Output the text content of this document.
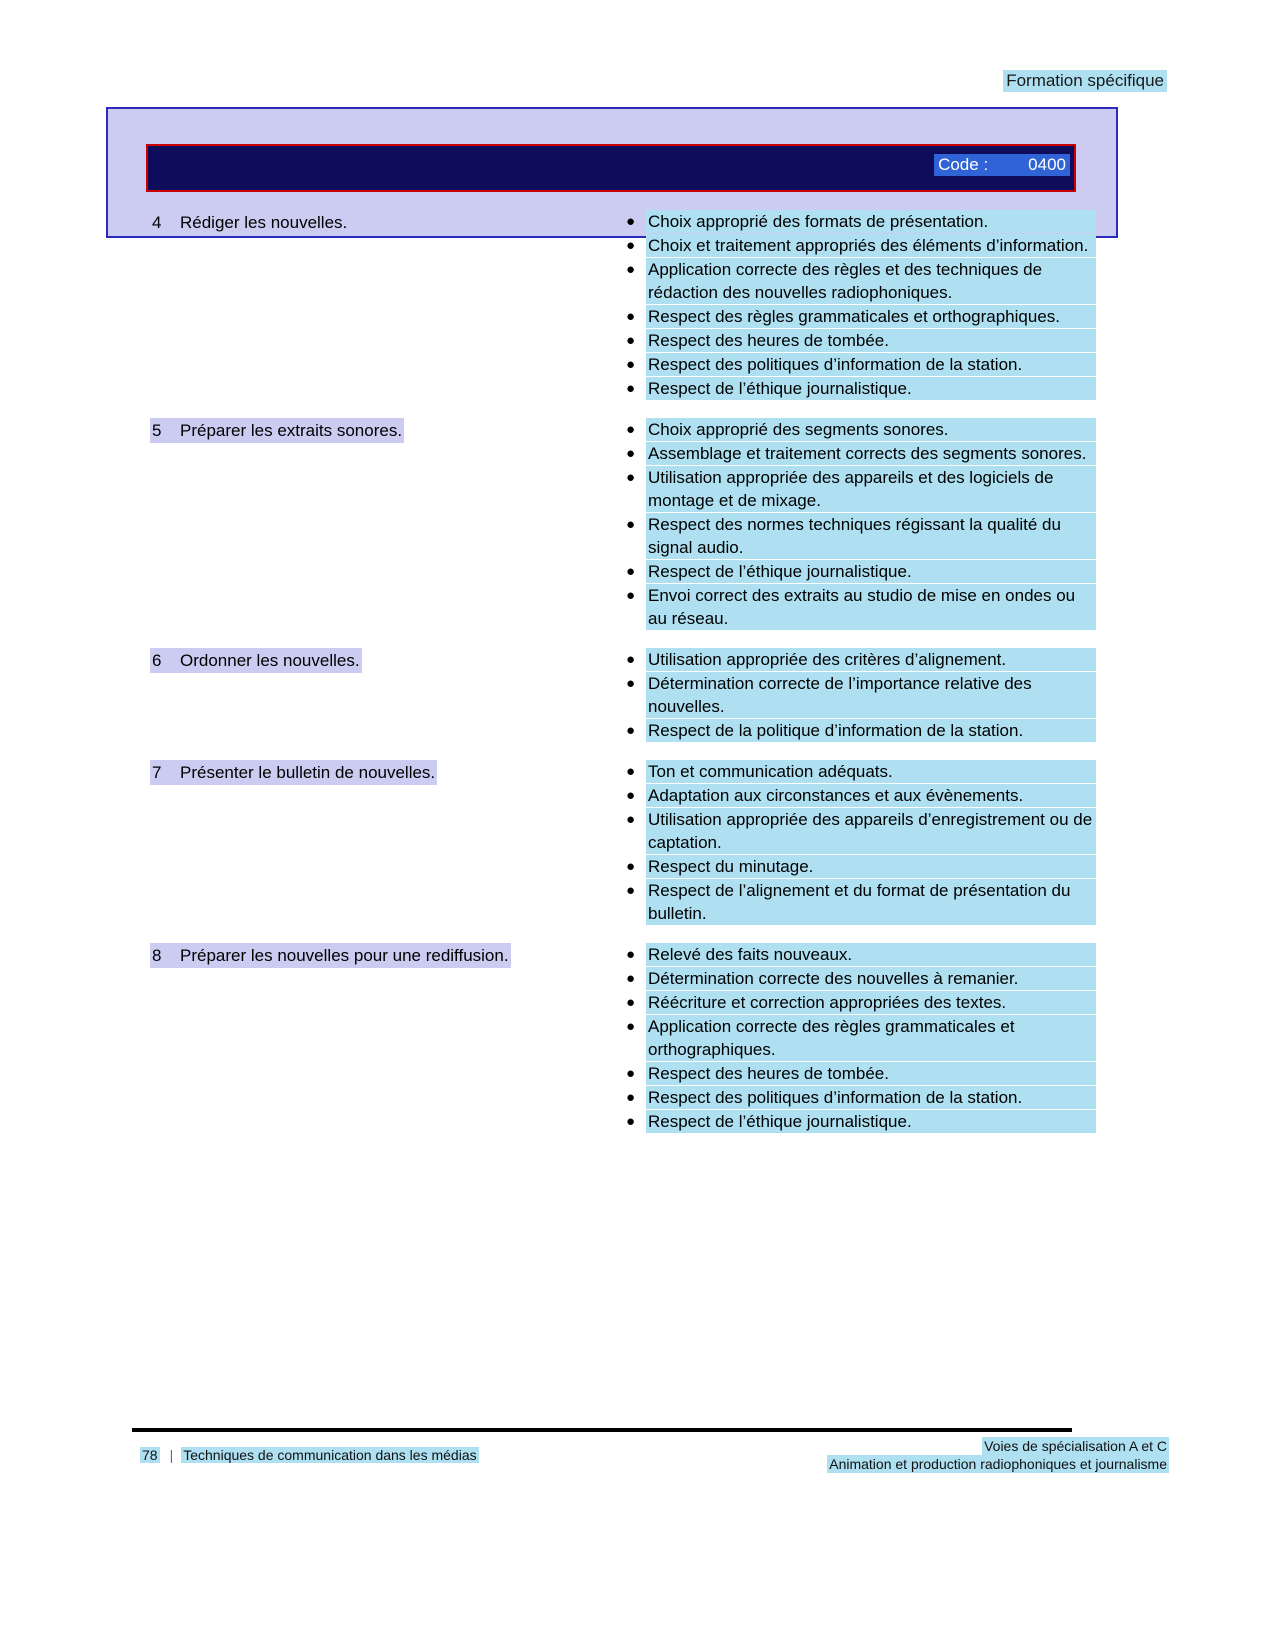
Formation spécifique
Code : 0400
4	Rédiger les nouvelles.	● Choix approprié des formats de présentation.
● Choix et traitement appropriés des éléments d’information.
● Application correcte des règles et des techniques de rédaction des nouvelles radiophoniques.
● Respect des règles grammaticales et orthographiques.
● Respect des heures de tombée.
● Respect des politiques d’information de la station.
● Respect de l’éthique journalistique.
5	Préparer les extraits sonores.	● Choix approprié des segments sonores.
● Assemblage et traitement corrects des segments sonores.
● Utilisation appropriée des appareils et des logiciels de montage et de mixage.
● Respect des normes techniques régissant la qualité du signal audio.
● Respect de l’éthique journalistique.
● Envoi correct des extraits au studio de mise en ondes ou au réseau.
6	Ordonner les nouvelles.	● Utilisation appropriée des critères d’alignement.
● Détermination correcte de l’importance relative des nouvelles.
● Respect de la politique d’information de la station.
7	Présenter le bulletin de nouvelles.	● Ton et communication adéquats.
● Adaptation aux circonstances et aux évènements.
● Utilisation appropriée des appareils d’enregistrement ou de captation.
● Respect du minutage.
● Respect de l’alignement et du format de présentation du bulletin.
8	Préparer les nouvelles pour une rediffusion.	● Relevé des faits nouveaux.
● Détermination correcte des nouvelles à remanier.
● Réécriture et correction appropriées des textes.
● Application correcte des règles grammaticales et orthographiques.
● Respect des heures de tombée.
● Respect des politiques d’information de la station.
● Respect de l’éthique journalistique.
78 | Techniques de communication dans les médias
Voies de spécialisation A et C
Animation et production radiophoniques et journalisme
